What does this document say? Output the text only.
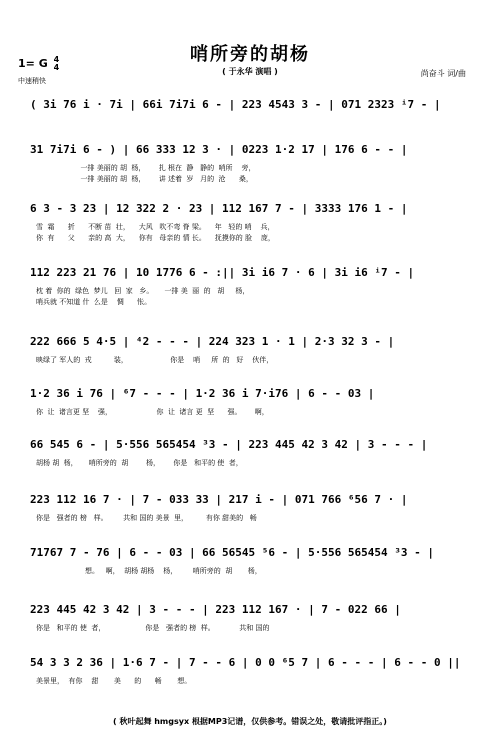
哨所旁的胡杨
1= G 4
4	( 于永华 演唱 )
中速稍快
尚奋斗 词/曲
( 3i 76 i · 7i | 66i 7i7i 6 - | 223 4543 3 - | 071 2323 ⁱ7 - |
31 7i7i 6 - ) | 66 333 12 3 · | 0223 1·2 17 | 176 6 - - |
一排 美丽的 胡  杨，      扎 根在  静   静的  哨所    旁，
一排 美丽的 胡  杨，      讲 述着  岁   月的  沧      桑，
6 3 - 3 23 | 12 322 2 · 23 | 112 167 7 - | 3333 176 1 - |
雪  霜      折      不断 苗  壮，    大风   吹不弯 脊 梁。    年   轻的 哨    兵，
你  有      父      亲的 高  大，    你有   母亲的 情 长。    抚摸你的 脸    庞，
112 223 21 76 | 10 1776 6 - :|| 3i i6 7 · 6 | 3i i6 ⁱ7 - |
枕 着  你的  绿色  梦儿   回  家   乡。     一排 美  丽  的   胡     杨，
哨兵就 不知道 什  么是    惆      怅。
222 666 5 4·5 | ⁴2 - - - | 224 323 1 · 1 | 2·3 32 3 - |
映绿了 军人的  戎          装，                   你是    哨     所  的   好    伙伴，
1·2 36 i 76 | ⁶7 - - - | 1·2 36 i 7·i76 | 6 - - 03 |
你  让  诸言更 坚    强，                    你  让  诸言 更  坚      强。      啊，
66 545 6 - | 5·556 565454 ³3 - | 223 445 42 3 42 | 3 - - - |
胡杨 胡  杨，     哨所旁的  胡        杨，      你是   和平的 使  者，
223 112 16 7 · | 7 - 033 33 | 217 i - | 071 766 ⁶56 7 · |
你是   强者的 榜   样。       共和 国的 美景  里，        有你 甜美的   畅
71767 7 - 76 | 6 - - 03 | 66 56545 ⁵6 - | 5·556 565454 ³3 - |
想。   啊，  胡杨 胡杨    杨，       哨所旁的  胡       杨，
223 445 42 3 42 | 3 - - - | 223 112 167 · | 7 - 022 66 |
你是   和平的 使  者，                  你是   强者的 榜  样。           共和 国的
54 3 3 2 36 | 1·6 7 - | 7 - - 6 | 0 0 ⁶5 7 | 6 - - - | 6 - - 0 ||
美景里，  有你    甜       美      的      畅       想。
( 秋叶起舞 hmgsyx 根据MP3记谱，仅供参考。错误之处，敬请批评指正。)
